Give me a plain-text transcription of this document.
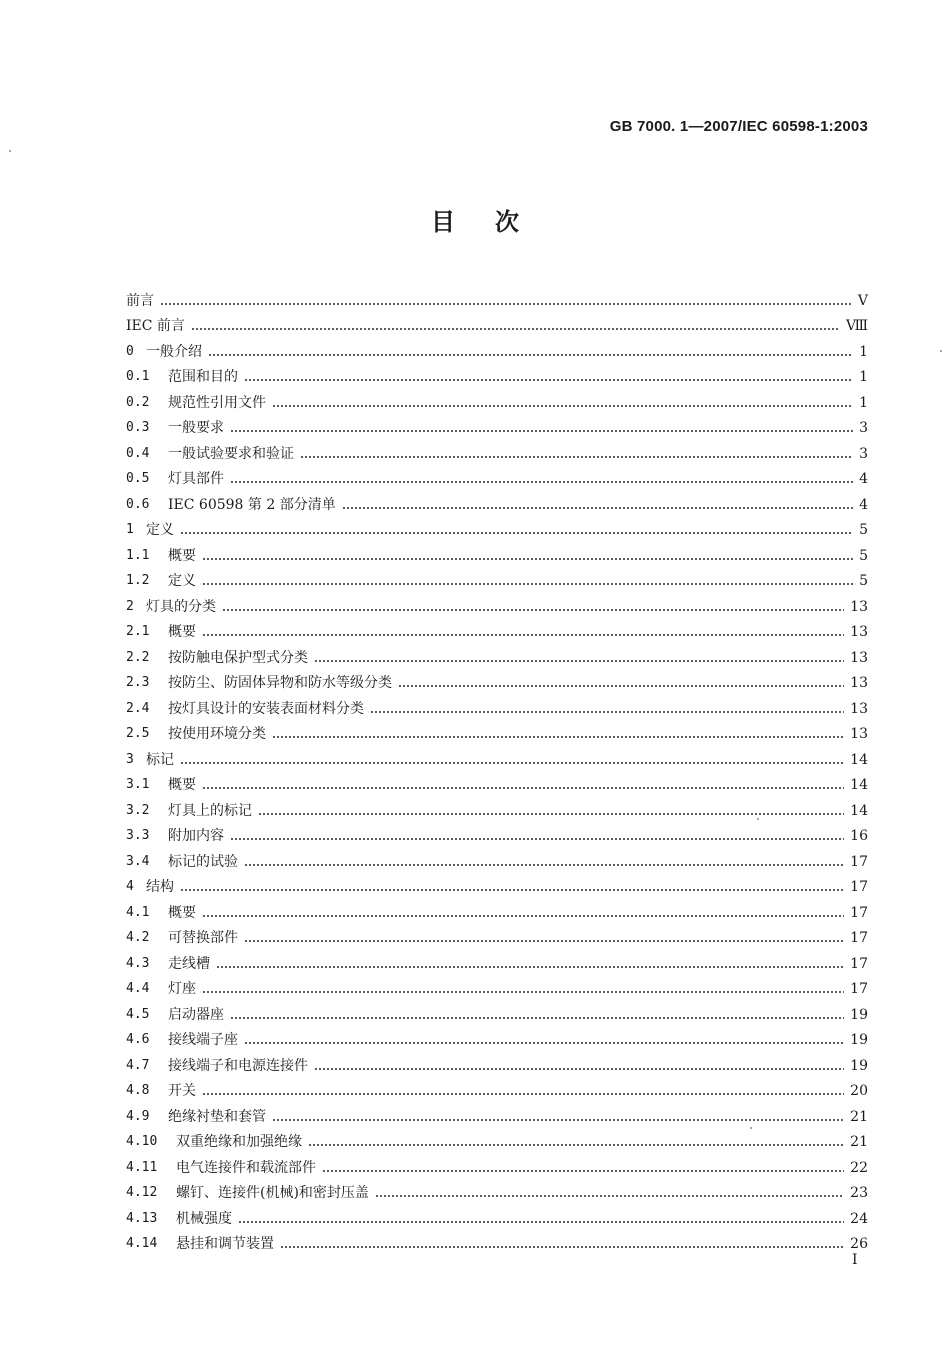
GB 7000. 1—2007/IEC 60598-1:2003
目次
前言	V
IEC 前言	Ⅷ
0 一般介绍	1
0.1	范围和目的	1
0.2	规范性引用文件	1
0.3	一般要求	3
0.4	一般试验要求和验证	3
0.5	灯具部件	4
0.6	IEC 60598 第 2 部分清单	4
1 定义	5
1.1	概要	5
1.2	定义	5
2 灯具的分类	13
2.1	概要	13
2.2	按防触电保护型式分类	13
2.3	按防尘、防固体异物和防水等级分类	13
2.4	按灯具设计的安装表面材料分类	13
2.5	按使用环境分类	13
3 标记	14
3.1	概要	14
3.2	灯具上的标记	14
3.3	附加内容	16
3.4	标记的试验	17
4 结构	17
4.1	概要	17
4.2	可替换部件	17
4.3	走线槽	17
4.4	灯座	17
4.5	启动器座	19
4.6	接线端子座	19
4.7	接线端子和电源连接件	19
4.8	开关	20
4.9	绝缘衬垫和套管	21
4.10	双重绝缘和加强绝缘	21
4.11	电气连接件和载流部件	22
4.12	螺钉、连接件(机械)和密封压盖	23
4.13	机械强度	24
4.14	悬挂和调节装置	26
I
